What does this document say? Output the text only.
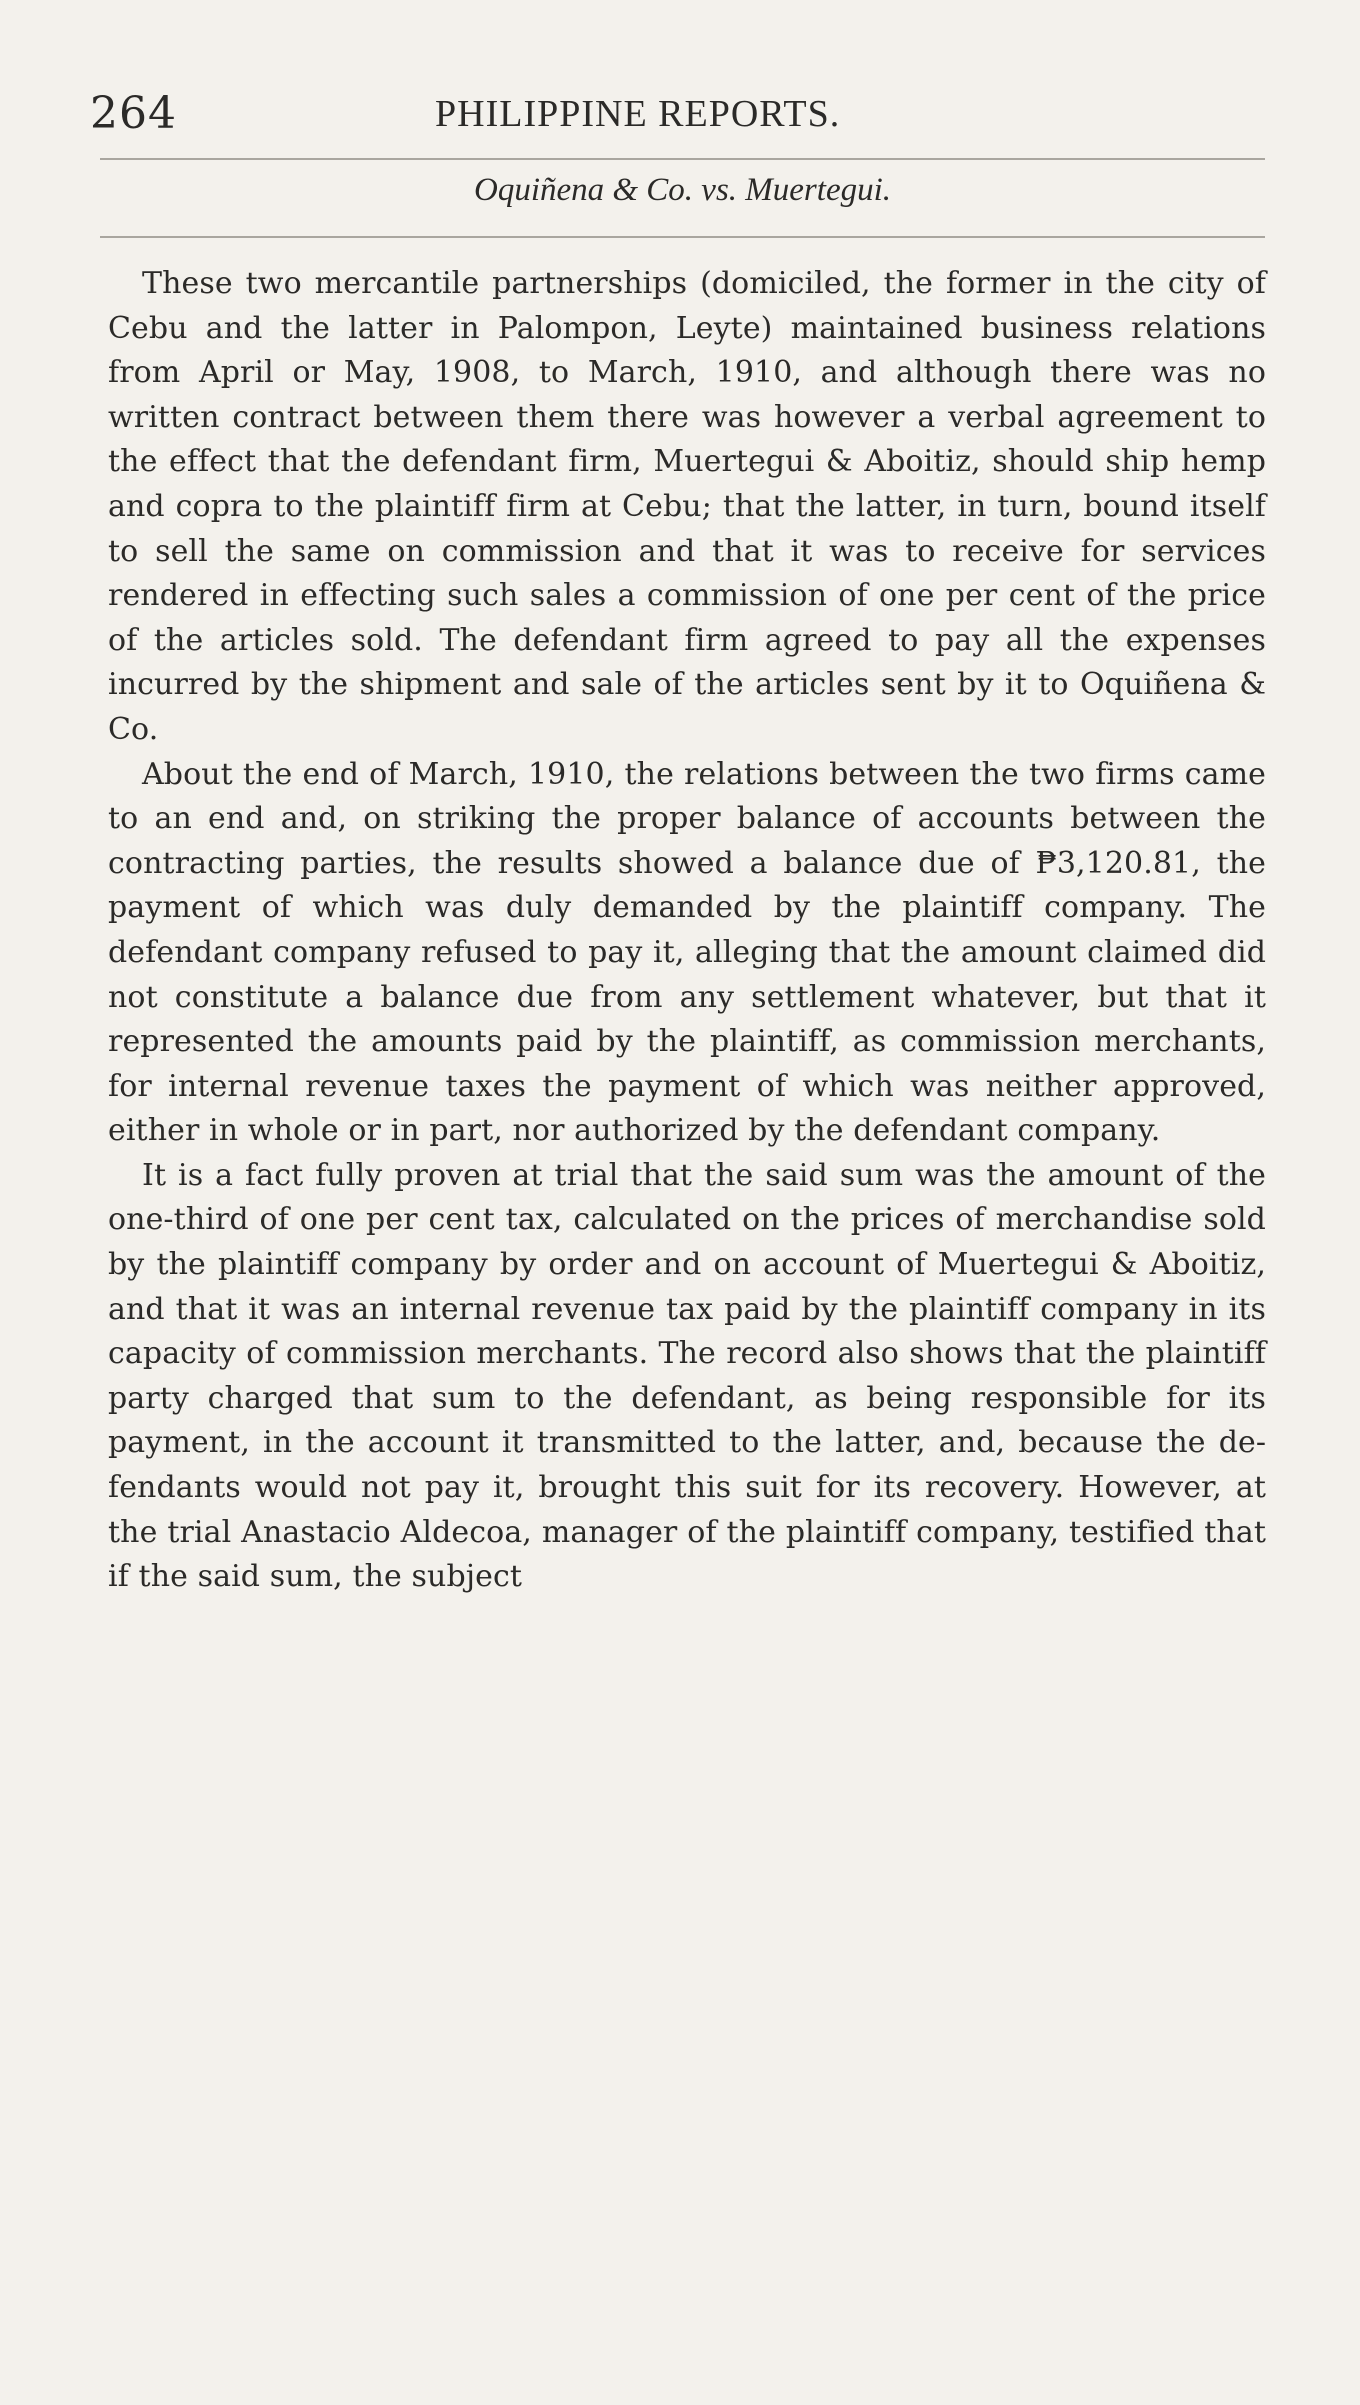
264	PHILIPPINE REPORTS.
Oquiñena & Co. vs. Muertegui.

These two mercantile partnerships (domiciled, the former in the city of Cebu and the latter in Palompon, Leyte) maintained business relations from April or May, 1908, to March, 1910, and although there was no written contract between them there was however a verbal agreement to the effect that the defendant firm, Muertegui & Aboitiz, should ship hemp and copra to the plaintiff firm at Cebu; that the latter, in turn, bound itself to sell the same on commission and that it was to receive for services rendered in effecting such sales a commission of one per cent of the price of the articles sold. The defendant firm agreed to pay all the expenses incurred by the shipment and sale of the articles sent by it to Oquiñena & Co.

About the end of March, 1910, the relations between the two firms came to an end and, on striking the proper balance of accounts between the contracting parties, the results showed a balance due of ₱3,120.81, the payment of which was duly demanded by the plaintiff company. The defendant company refused to pay it, alleging that the amount claimed did not constitute a balance due from any settlement whatever, but that it represented the amounts paid by the plaintiff, as commission merchants, for internal revenue taxes the payment of which was neither approved, either in whole or in part, nor authorized by the defendant company.

It is a fact fully proven at trial that the said sum was the amount of the one-third of one per cent tax, calculated on the prices of merchandise sold by the plaintiff company by order and on account of Muertegui & Aboitiz, and that it was an internal revenue tax paid by the plaintiff company in its capacity of commission merchants. The record also shows that the plaintiff party charged that sum to the defendant, as being responsible for its payment, in the account it transmitted to the latter, and, because the defendants would not pay it, brought this suit for its recovery. However, at the trial Anastacio Aldecoa, manager of the plaintiff company, testified that if the said sum, the subject
